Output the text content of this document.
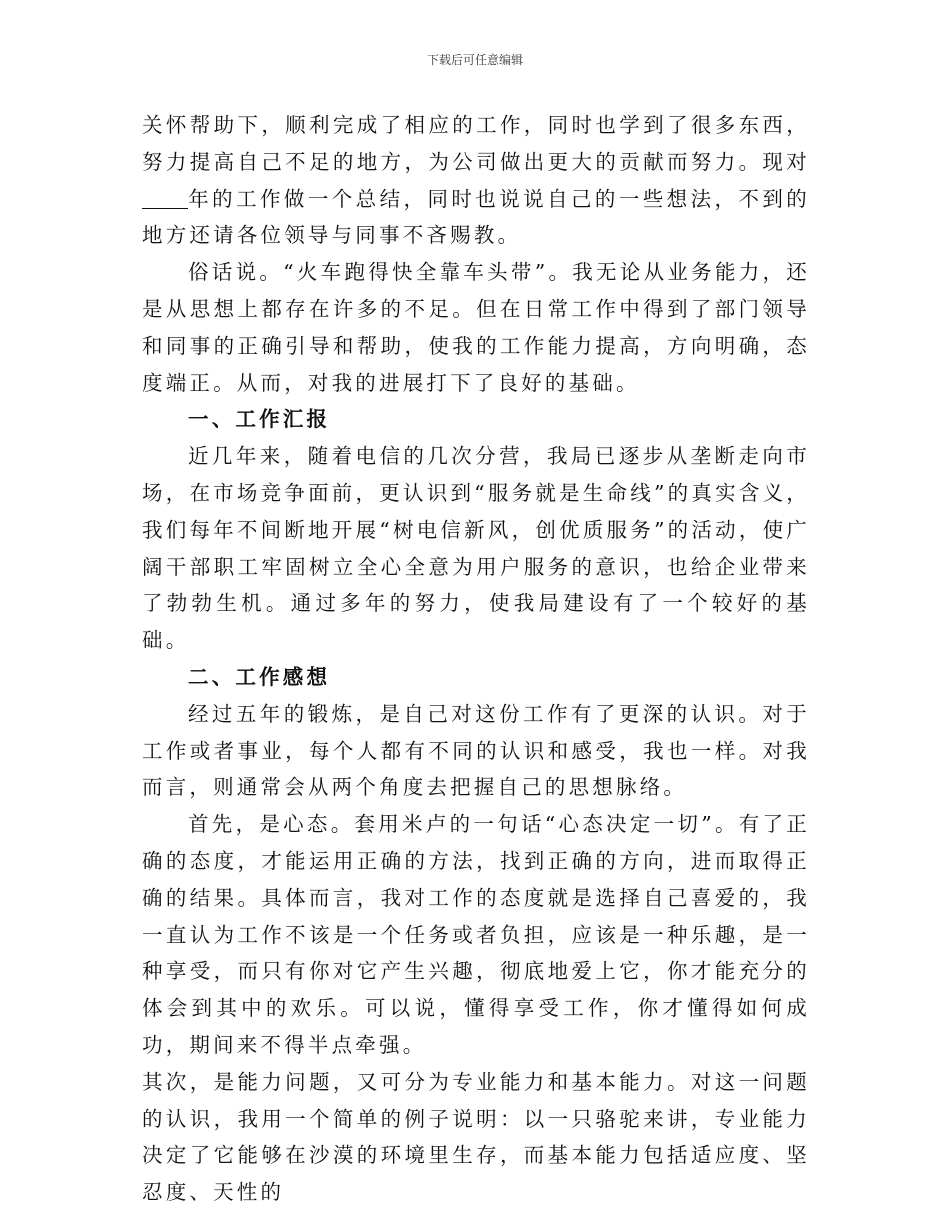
下载后可任意编辑

关怀帮助下，顺利完成了相应的工作，同时也学到了很多东西，努力提高自己不足的地方，为公司做出更大的贡献而努力。现对年的工作做一个总结，同时也说说自己的一些想法，不到的地方还请各位领导与同事不吝赐教。

俗话说。“火车跑得快全靠车头带”。我无论从业务能力，还是从思想上都存在许多的不足。但在日常工作中得到了部门领导和同事的正确引导和帮助，使我的工作能力提高，方向明确，态度端正。从而，对我的进展打下了良好的基础。

一、工作汇报

近几年来，随着电信的几次分营，我局已逐步从垄断走向市场，在市场竞争面前，更认识到“服务就是生命线”的真实含义，我们每年不间断地开展“树电信新风，创优质服务”的活动，使广阔干部职工牢固树立全心全意为用户服务的意识，也给企业带来了勃勃生机。通过多年的努力，使我局建设有了一个较好的基础。

二、工作感想

经过五年的锻炼，是自己对这份工作有了更深的认识。对于工作或者事业，每个人都有不同的认识和感受，我也一样。对我而言，则通常会从两个角度去把握自己的思想脉络。

首先，是心态。套用米卢的一句话“心态决定一切”。有了正确的态度，才能运用正确的方法，找到正确的方向，进而取得正确的结果。具体而言，我对工作的态度就是选择自己喜爱的，我一直认为工作不该是一个任务或者负担，应该是一种乐趣，是一种享受，而只有你对它产生兴趣，彻底地爱上它，你才能充分的体会到其中的欢乐。可以说，懂得享受工作，你才懂得如何成功，期间来不得半点牵强。

其次，是能力问题，又可分为专业能力和基本能力。对这一问题的认识，我用一个简单的例子说明：以一只骆驼来讲，专业能力决定了它能够在沙漠的环境里生存，而基本能力包括适应度、坚忍度、天性的
